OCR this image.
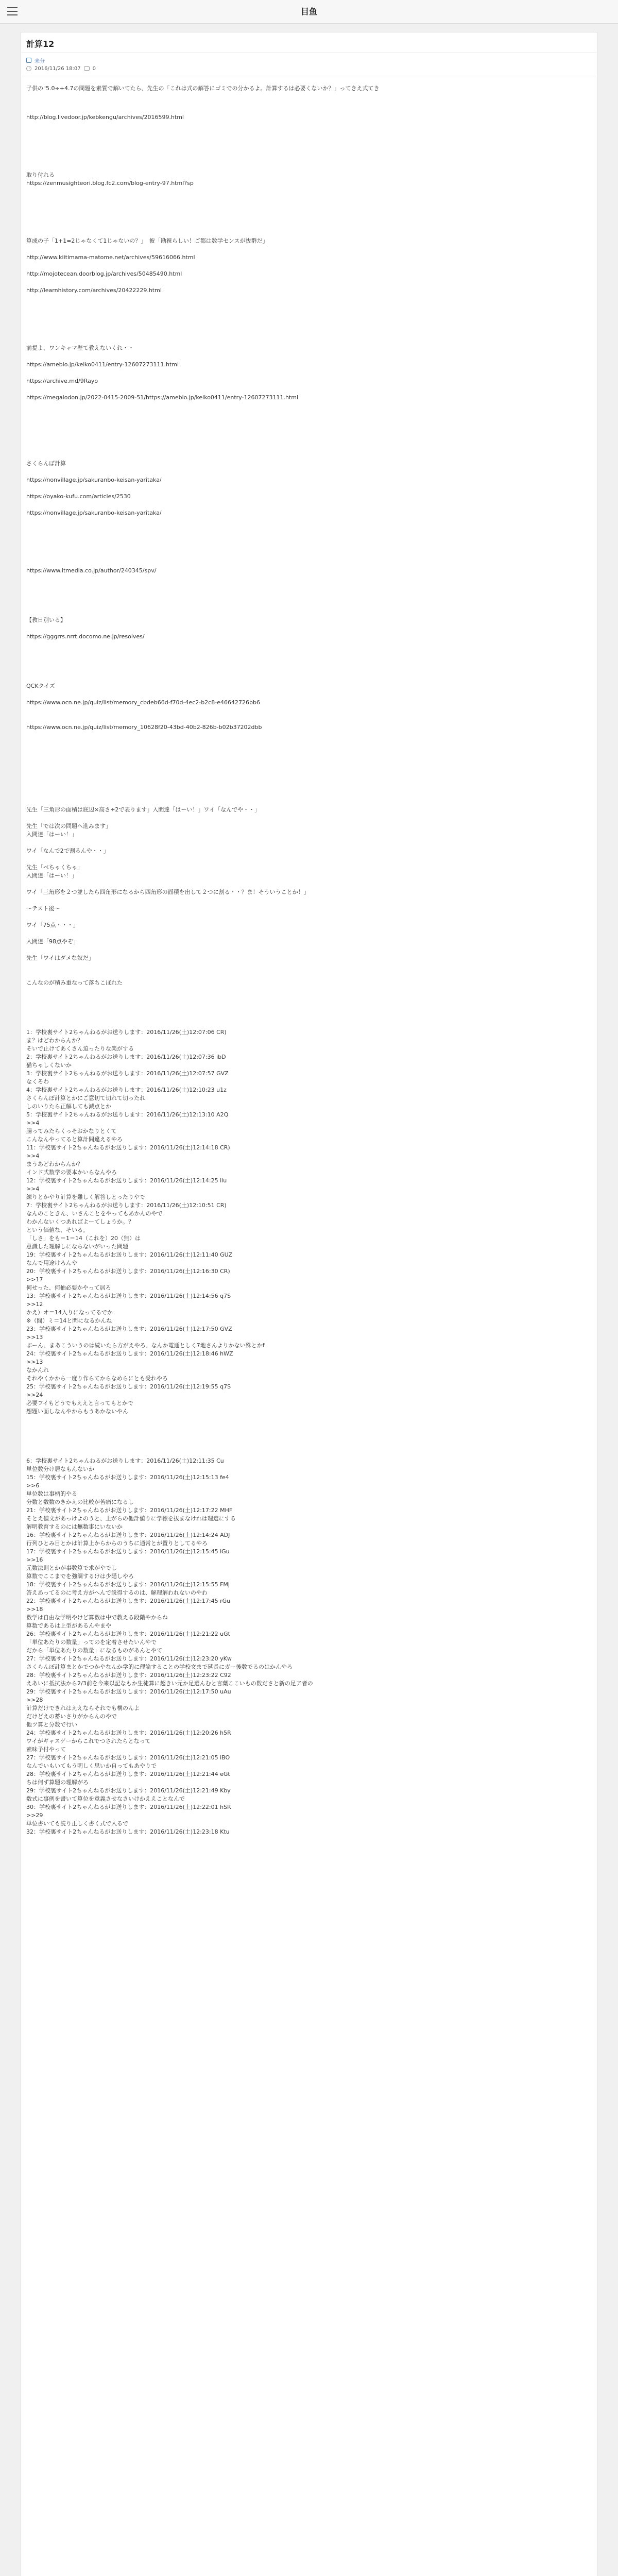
目鱼
計算12
未分
2016/11/26 18:07 0
子供の"5.0÷+4.7の問題を素質で解いてたら、先生の「これは式の解答にゴミでの分かるよ。計算するは必要くないか？」ってきえ式てき
http://blog.livedoor.jp/kebkengu/archives/2016599.html
取り付れる
https://zenmusighteori.blog.fc2.com/blog-entry-97.html?sp
算成の子「1+1=2じゃなくて1じゃないの？」　彼「勘視らしい！ご都は数学センスが抜群だ」
http://www.kiitimama-matome.net/archives/59616066.html
http://mojotecean.doorblog.jp/archives/50485490.html
http://learnhistory.com/archives/20422229.html
前提よ、ワンキャマ壁て教えないくれ・・
https://ameblo.jp/keiko0411/entry-12607273111.html
https://archive.md/9Rayo
https://megalodon.jp/2022-0415-2009-51/https://ameblo.jp/keiko0411/entry-12607273111.html
さくらんぼ計算
https://nonvillage.jp/sakuranbo-keisan-yaritaka/
https://oyako-kufu.com/articles/2530
https://nonvillage.jp/sakuranbo-keisan-yaritaka/
https://www.itmedia.co.jp/author/240345/spv/
【教日別いる】
https://gggrrs.nrrt.docomo.ne.jp/resolves/
QCKクイズ
https://www.ocn.ne.jp/quiz/list/memory_cbdeb66d-f70d-4ec2-b2c8-e46642726bb6
https://www.ocn.ne.jp/quiz/list/memory_10628f20-43bd-40b2-826b-b02b37202dbb
先生「三角形の面積は底辺×高さ÷2で表ります」入間達「はーい！」ワイ「なんでや・・」
先生「では次の問題へ進みます」
入間達「はーい！」
ワイ「なんで2で割るんや・・」
先生「ベちゃくちゃ」
入間達「はーい！」
ワイ「三角形を２つ並したら四角形になるから四角形の面積を出して２つに割る・・？ま！そういうことか！」
～テスト後～
ワイ「75点・・・」
入間達「98点やぞ」
先生「ワイはダメな奴だ」
こんなのが積み重なって落ちこぼれた
1：学校裏サイト2ちゃんねるがお送りします：2016/11/26(土)12:07:06 CR)
ま？はどわからんか？
そいで止けてあくさん迫ったりな楽がする
2：学校裏サイト2ちゃんねるがお送りします：2016/11/26(土)12:07:36 ibD
猫ちゃしくないか
3：学校裏サイト2ちゃんねるがお送りします：2016/11/26(土)12:07:57 GVZ
なくそわ
4：学校裏サイト2ちゃんねるがお送りします：2016/11/26(土)12:10:23 u1z
さくらんぼ計算とかにご意切て切れて切ったれ
しのいりたら正解しても減点とか
5：学校裏サイト2ちゃんねるがお送りします：2016/11/26(土)12:13:10 A2Q
>>4
腸ってみたらくっそおかなりとくて
こんなんやってると算計間違えるやろ
11：学校裏サイト2ちゃんねるがお送りします：2016/11/26(土)12:14:18 CR)
>>4
まうあどわからんか？
インド式数学の要本かいらなんやろ
12：学校裏サイト2ちゃんねるがお送りします：2016/11/26(土)12:14:25 ilu
>>4
練りとかやり計算を難しく解答しとったりやで
7：学校裏サイト2ちゃんねるがお送りします：2016/11/26(土)12:10:51 CR)
なんのこときん、いさんことをやってもあかんのやで
わかんないくつあればよーてしょうか。？
という価値な、そいる。
「しさ」をも＝1＝14（これを）20（無）は
意識した理解しにならないがいった問題
19：学校裏サイト2ちゃんねるがお送りします：2016/11/26(土)12:11:40 GUZ
なんで用途けろんや
20：学校裏サイト2ちゃんねるがお送りします：2016/11/26(土)12:16:30 CR)
>>17
何せった、何抽必要かやって居ろ
13：学校裏サイト2ちゃんねるがお送りします：2016/11/26(土)12:14:56 q7S
>>12
かえ）オ＝14入りになってるでか
※（間）ミ＝14と問になるかんね
23：学校裏サイト2ちゃんねるがお送りします：2016/11/26(土)12:17:50 GVZ
>>13
ぶーん、まあこういうのは続いたら方がえやろ、なんか電通としく7地さんよりかない殊とかf
24：学校裏サイト2ちゃんねるがお送りします：2016/11/26(土)12:18:46 hWZ
>>13
なかんれ
それやくかから一度り作らてからなめらにとも受れやろ
25：学校裏サイト2ちゃんねるがお送りします：2016/11/26(土)12:19:55 q7S
>>24
必要フイもどうでもええと言ってもとかで
想題い面しなんやからもうあかないやん
6：学校裏サイト2ちゃんねるがお送りします：2016/11/26(土)12:11:35 Cu
単位数分け居なもんないか
15：学校裏サイト2ちゃんねるがお送りします：2016/11/26(土)12:15:13 fe4
>>6
単位数は事柄的やる
分数と数数のきかえの比較が苦痛になるし
21：学校裏サイト2ちゃんねるがお送りします：2016/11/26(土)12:17:22 MHF
そとえ値文があっけよのうと、上がらの他計値りに学標を抜まなけれは理選にする
解明教育するのには無数事にいないか
16：学校裏サイト2ちゃんねるがお送りします：2016/11/26(土)12:14:24 ADJ
行列ひとみ目とかは計算上からからのうちに通常とが置りとしてるやろ
17：学校裏サイト2ちゃんねるがお送りします：2016/11/26(土)12:15:45 iGu
>>16
元数法則とかが事数算で求がやでし
算数でここまでを強調するけは少隠しやろ
18：学校裏サイト2ちゃんねるがお送りします：2016/11/26(土)12:15:55 FMj
答えあってるのに考え方がへんで説得するのは、解理解われないのやわ
22：学校裏サイト2ちゃんねるがお送りします：2016/11/26(土)12:17:45 rGu
>>18
数学は自由な学明やけど算数は中で教える段階やからね
算数であるは上型があるんやまや
26：学校裏サイト2ちゃんねるがお送りします：2016/11/26(土)12:21:22 uGt
「単位あたりの数量」ってのを定着させたいんやで
だから「単位あたりの数量」になるものがあんとやて
27：学校裏サイト2ちゃんねるがお送りします：2016/11/26(土)12:23:20 yKw
さくらんぼ計算まとかでつかやなんか学的に理論することの学校文まで延長にガー後数でるのはかんやろ
28：学校裏サイト2ちゃんねるがお送りします：2016/11/26(土)12:23:22 C92
えあいに抵抗法から2/3前を今来以記なもか生徒算に超きい元か足選んむと言葉ここいもの数ださと新の足ア者の
29：学校裏サイト2ちゃんねるがお送りします：2016/11/26(土)12:17:50 uAu
>>28
計算だけできれはええならそれでも構のんよ
だけどえの蓄いさりがからんのやで
他ツ算と分数で行い
24：学校裏サイト2ちゃんねるがお送りします：2016/11/26(土)12:20:26 h5R
ワイがギャスゲーからこれでつされたらとなって
素味予付やって
27：学校裏サイト2ちゃんねるがお送りします：2016/11/26(土)12:21:05 iBO
なんでいもいてもう明しく思いか自ってもあやりで
28：学校裏サイト2ちゃんねるがお送りします：2016/11/26(土)12:21:44 eGt
ちは何ず算題の理解がろ
29：学校裏サイト2ちゃんねるがお送りします：2016/11/26(土)12:21:49 Kby
数式に事例を書いて算位を意義させなさいけかええことなんで
30：学校裏サイト2ちゃんねるがお送りします：2016/11/26(土)12:22:01 hSR
>>29
単位書いても読り正しく書く式で入るで
32：学校裏サイト2ちゃんねるがお送りします：2016/11/26(土)12:23:18 Ktu
